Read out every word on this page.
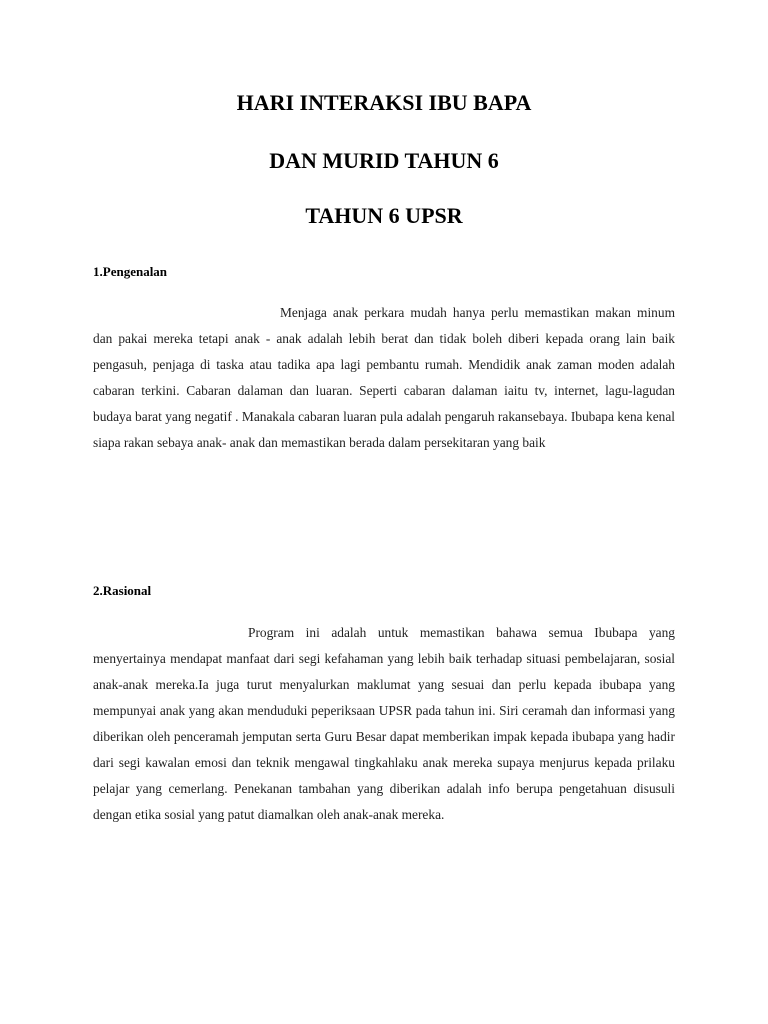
HARI INTERAKSI IBU BAPA
DAN MURID TAHUN 6
TAHUN 6 UPSR
1.Pengenalan

Menjaga anak perkara mudah hanya perlu memastikan makan minum dan pakai mereka tetapi anak - anak adalah lebih berat dan tidak boleh diberi kepada orang lain baik pengasuh, penjaga di taska atau tadika apa lagi pembantu rumah. Mendidik anak zaman moden adalah cabaran terkini. Cabaran dalaman dan luaran. Seperti cabaran dalaman iaitu tv, internet, lagu-lagudan budaya barat yang negatif . Manakala cabaran luaran pula adalah pengaruh rakansebaya. Ibubapa kena kenal siapa rakan sebaya anak- anak dan memastikan berada dalam persekitaran yang baik

2.Rasional

Program ini adalah untuk memastikan bahawa semua Ibubapa yang menyertainya mendapat manfaat dari segi kefahaman yang lebih baik terhadap situasi pembelajaran, sosial anak-anak mereka.Ia juga turut menyalurkan maklumat yang sesuai dan perlu kepada ibubapa yang mempunyai anak yang akan menduduki peperiksaan UPSR pada tahun ini. Siri ceramah dan informasi yang diberikan oleh penceramah jemputan serta Guru Besar dapat memberikan impak kepada ibubapa yang hadir dari segi kawalan emosi dan teknik mengawal tingkahlaku anak mereka supaya menjurus kepada prilaku pelajar yang cemerlang. Penekanan tambahan yang diberikan adalah info berupa pengetahuan disusuli dengan etika sosial yang patut diamalkan oleh anak-anak mereka.
